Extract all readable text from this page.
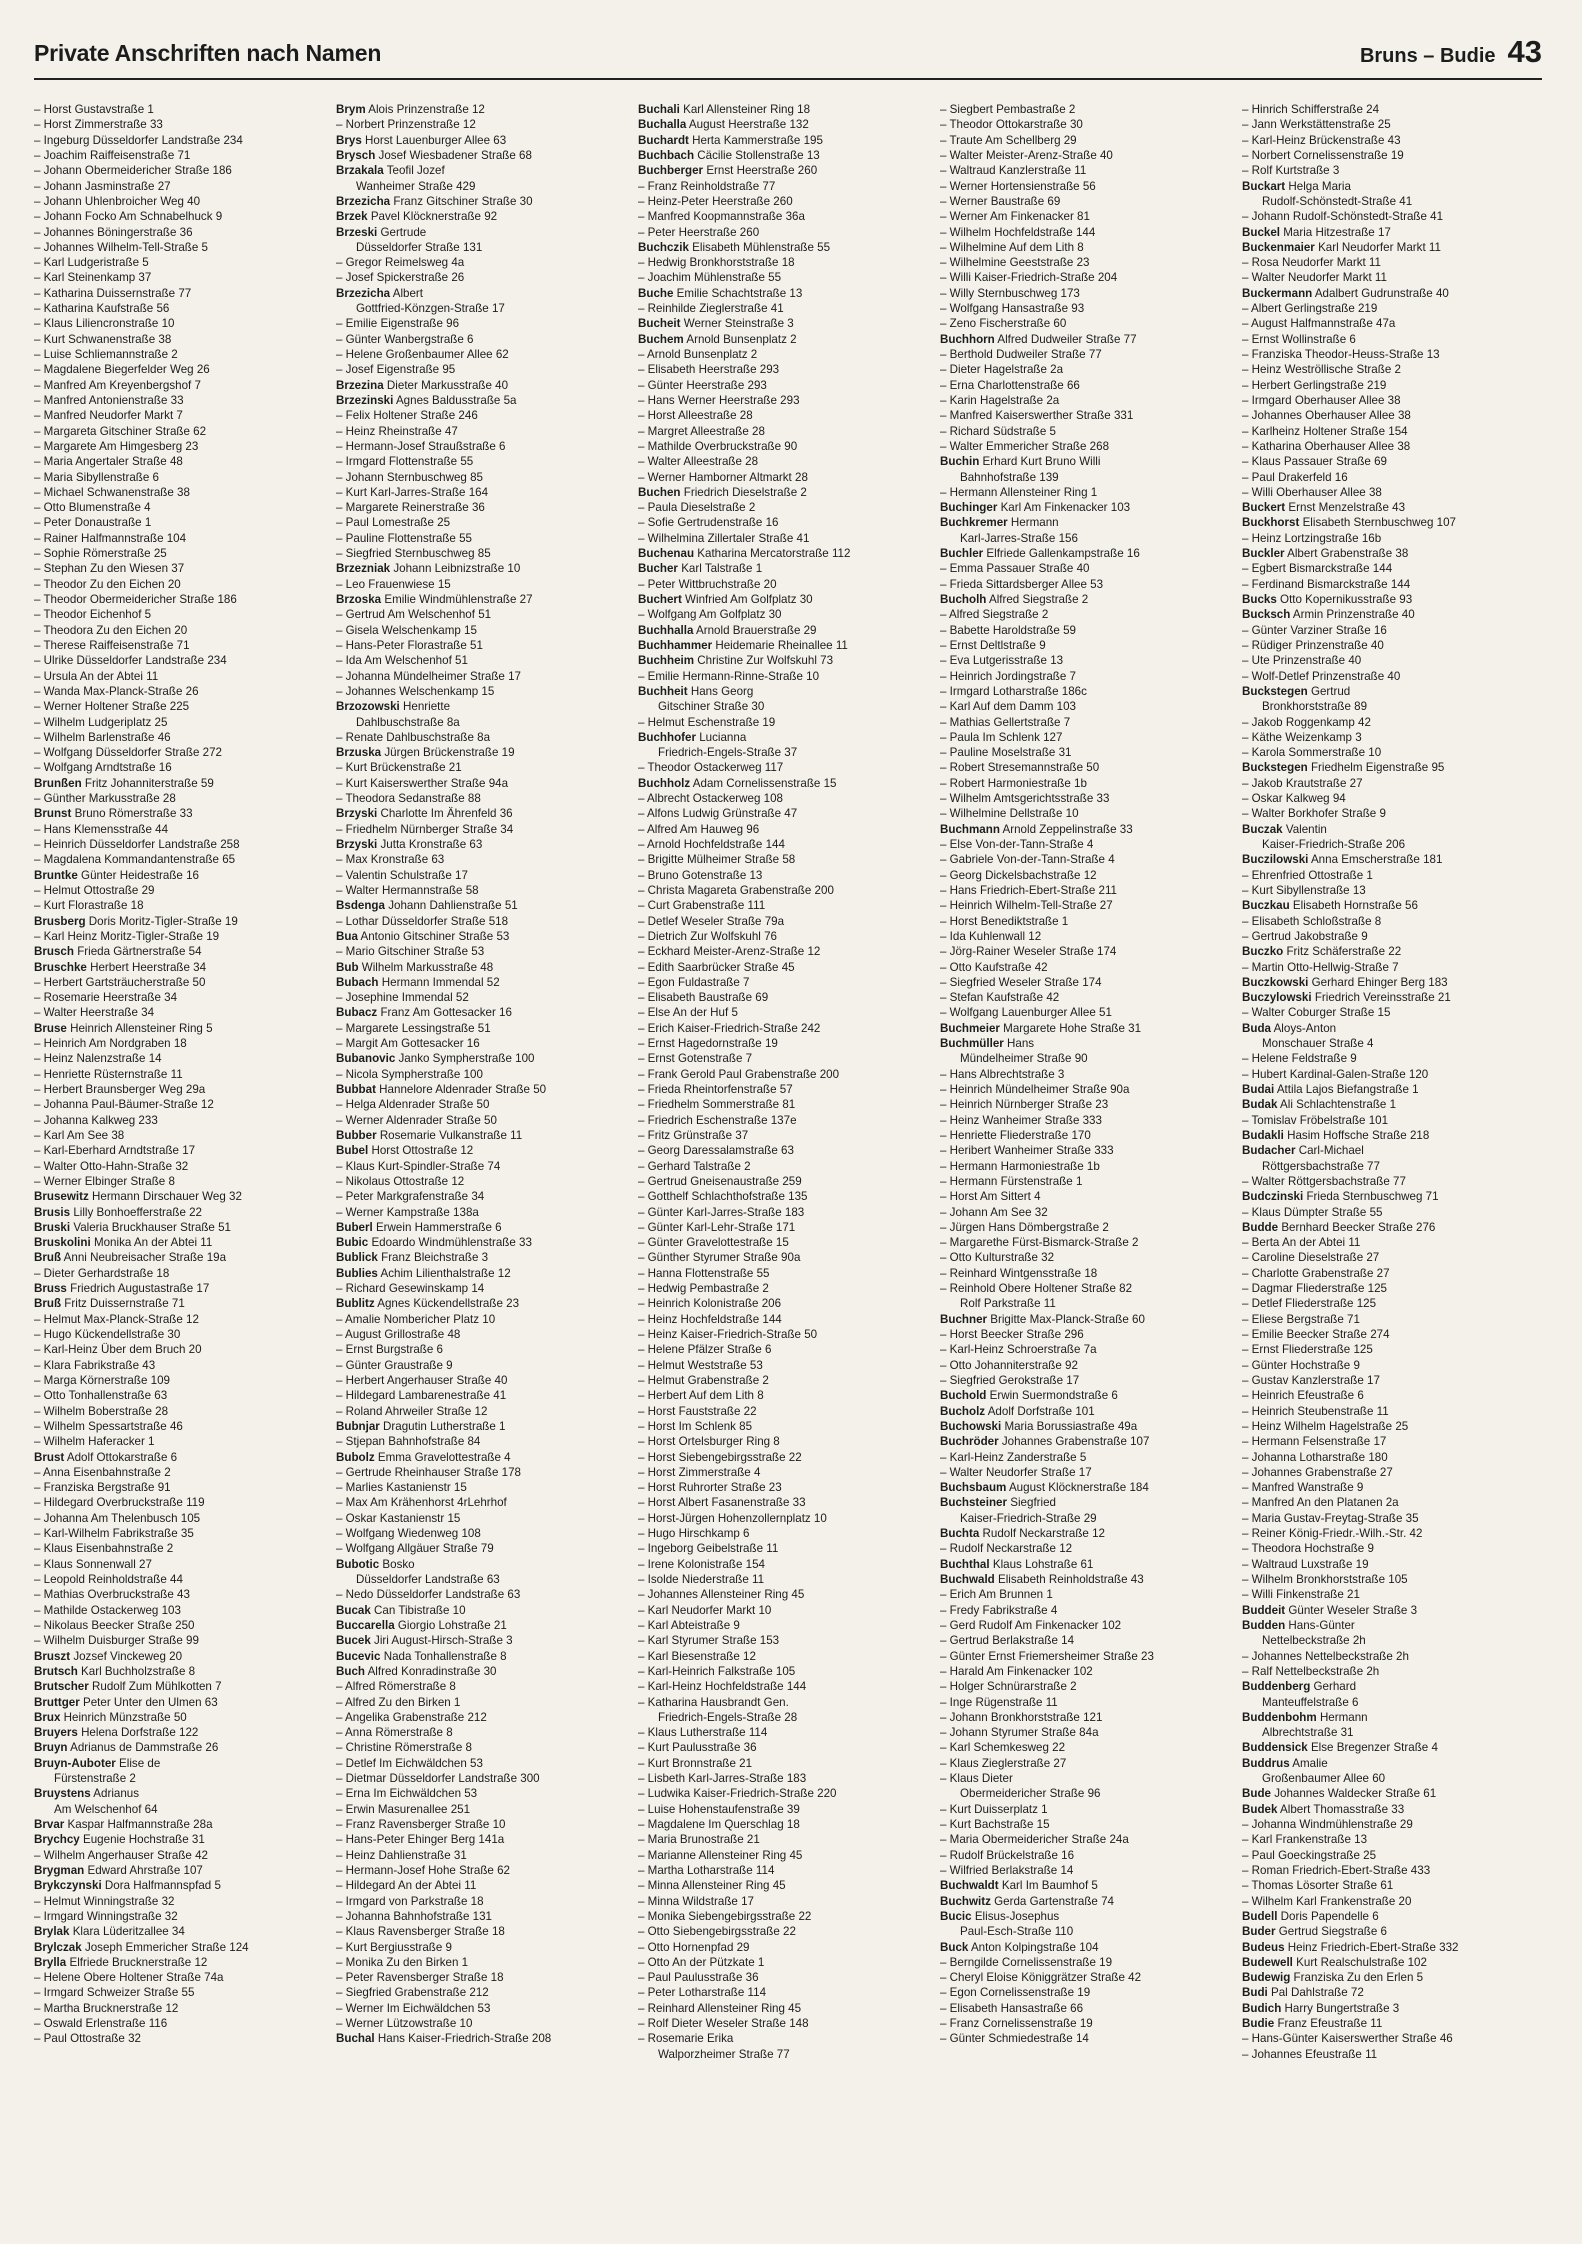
Private Anschriften nach Namen	Bruns – Budie 43
– Horst Gustavstraße 1
– Horst Zimmerstraße 33
– Ingeburg Düsseldorfer Landstraße 234
– Joachim Raiffeisenstraße 71
– Johann Obermeidericher Straße 186
– Johann Jasminstraße 27
– Johann Uhlenbroicher Weg 40
– Johann Focko Am Schnabelhuck 9
– Johannes Böningerstraße 36
– Johannes Wilhelm-Tell-Straße 5
– Karl Ludgeristraße 5
– Karl Steinenkamp 37
– Katharina Duissernstraße 77
– Katharina Kaufstraße 56
– Klaus Liliencronstraße 10
– Kurt Schwanenstraße 38
– Luise Schliemannstraße 2
– Magdalene Biegerfelder Weg 26
– Manfred Am Kreyenbergshof 7
– Manfred Antonienstraße 33
– Manfred Neudorfer Markt 7
– Margareta Gitschiner Straße 62
– Margarete Am Himgesberg 23
– Maria Angertaler Straße 48
– Maria Sibyllenstraße 6
– Michael Schwanenstraße 38
– Otto Blumenstraße 4
– Peter Donaustraße 1
– Rainer Halfmannstraße 104
– Sophie Römerstraße 25
– Stephan Zu den Wiesen 37
– Theodor Zu den Eichen 20
– Theodor Obermeidericher Straße 186
– Theodor Eichenhof 5
– Theodora Zu den Eichen 20
– Therese Raiffeisenstraße 71
– Ulrike Düsseldorfer Landstraße 234
– Ursula An der Abtei 11
– Wanda Max-Planck-Straße 26
– Werner Holtener Straße 225
– Wilhelm Ludgeriplatz 25
– Wilhelm Barlenstraße 46
– Wolfgang Düsseldorfer Straße 272
– Wolfgang Arndtstraße 16
Brunßen Fritz Johanniterstraße 59
– Günther Markusstraße 28
Brunst Bruno Römerstraße 33
– Hans Klemensstraße 44
– Heinrich Düsseldorfer Landstraße 258
– Magdalena Kommandantenstraße 65
Bruntke Günter Heidestraße 16
– Helmut Ottostraße 29
– Kurt Florastraße 18
Brusberg Doris Moritz-Tigler-Straße 19
– Karl Heinz Moritz-Tigler-Straße 19
Brusch Frieda Gärtnerstraße 54
Bruschke Herbert Heerstraße 34
– Herbert Gartsträucherstraße 50
– Rosemarie Heerstraße 34
– Walter Heerstraße 34
Bruse Heinrich Allensteiner Ring 5
– Heinrich Am Nordgraben 18
– Heinz Nalenzstraße 14
– Henriette Rüsternstraße 11
– Herbert Braunsberger Weg 29a
– Johanna Paul-Bäumer-Straße 12
– Johanna Kalkweg 233
– Karl Am See 38
– Karl-Eberhard Arndtstraße 17
– Walter Otto-Hahn-Straße 32
– Werner Elbinger Straße 8
Brusewitz Hermann Dirschauer Weg 32
Brusis Lilly Bonhoefferstraße 22
Bruski Valeria Bruckhauser Straße 51
Bruskolini Monika An der Abtei 11
Bruß Anni Neubreisacher Straße 19a
– Dieter Gerhardstraße 18
Bruss Friedrich Augustastraße 17
Bruß Fritz Duissernstraße 71
– Helmut Max-Planck-Straße 12
– Hugo Kückendellstraße 30
– Karl-Heinz Über dem Bruch 20
– Klara Fabrikstraße 43
– Marga Körnerstraße 109
– Otto Tonhallenstraße 63
– Wilhelm Boberstraße 28
– Wilhelm Spessartstraße 46
– Wilhelm Haferacker 1
Brust Adolf Ottokarstraße 6
– Anna Eisenbahnstraße 2
– Franziska Bergstraße 91
– Hildegard Overbruckstraße 119
– Johanna Am Thelenbusch 105
– Karl-Wilhelm Fabrikstraße 35
– Klaus Eisenbahnstraße 2
– Klaus Sonnenwall 27
– Leopold Reinholdstraße 44
– Mathias Overbruckstraße 43
– Mathilde Ostackerweg 103
– Nikolaus Beecker Straße 250
– Wilhelm Duisburger Straße 99
Bruszt Jozsef Vinckeweg 20
Brutsch Karl Buchholzstraße 8
Brutscher Rudolf Zum Mühlkotten 7
Bruttger Peter Unter den Ulmen 63
Brux Heinrich Münzstraße 50
Bruyers Helena Dorfstraße 122
Bruyn Adrianus de Dammstraße 26
Bruyn-Auboter Elise de
Fürstenstraße 2
Bruystens Adrianus
Am Welschenhof 64
Brvar Kaspar Halfmannstraße 28a
Brychcy Eugenie Hochstraße 31
– Wilhelm Angerhauser Straße 42
Brygman Edward Ahrstraße 107
Brykczynski Dora Halfmannspfad 5
– Helmut Winningstraße 32
– Irmgard Winningstraße 32
Brylak Klara Lüderitzallee 34
Brylczak Joseph Emmericher Straße 124
Brylla Elfriede Brucknerstraße 12
– Helene Obere Holtener Straße 74a
– Irmgard Schweizer Straße 55
– Martha Brucknerstraße 12
– Oswald Erlenstraße 116
– Paul Ottostraße 32
Brym Alois Prinzenstraße 12
– Norbert Prinzenstraße 12
Brys Horst Lauenburger Allee 63
Brysch Josef Wiesbadener Straße 68
Brzakala Teofil Jozef
Wanheimer Straße 429
Brzezicha Franz Gitschiner Straße 30
Brzek Pavel Klöcknerstraße 92
Brzeski Gertrude
Düsseldorfer Straße 131
– Gregor Reimelsweg 4a
– Josef Spickerstraße 26
Brzezicha Albert
Gottfried-Könzgen-Straße 17
– Emilie Eigenstraße 96
– Günter Wanbergstraße 6
– Helene Großenbaumer Allee 62
– Josef Eigenstraße 95
Brzezina Dieter Markusstraße 40
Brzezinski Agnes Baldusstraße 5a
– Felix Holtener Straße 246
– Heinz Rheinstraße 47
– Hermann-Josef Straußstraße 6
– Irmgard Flottenstraße 55
– Johann Sternbuschweg 85
– Kurt Karl-Jarres-Straße 164
– Margarete Reinerstraße 36
– Paul Lomestraße 25
– Pauline Flottenstraße 55
– Siegfried Sternbuschweg 85
Brzezniak Johann Leibnizstraße 10
– Leo Frauenwiese 15
Brzoska Emilie Windmühlenstraße 27
– Gertrud Am Welschenhof 51
– Gisela Welschenkamp 15
– Hans-Peter Florastraße 51
– Ida Am Welschenhof 51
– Johanna Mündelheimer Straße 17
– Johannes Welschenkamp 15
Brzozowski Henriette
Dahlbuschstraße 8a
– Renate Dahlbuschstraße 8a
Brzuska Jürgen Brückenstraße 19
– Kurt Brückenstraße 21
– Kurt Kaiserswerther Straße 94a
– Theodora Sedanstraße 88
Brzyski Charlotte Im Ährenfeld 36
– Friedhelm Nürnberger Straße 34
Brzyski Jutta Kronstraße 63
– Max Kronstraße 63
– Valentin Schulstraße 17
– Walter Hermannstraße 58
Bsdenga Johann Dahlienstraße 51
– Lothar Düsseldorfer Straße 518
Bua Antonio Gitschiner Straße 53
– Mario Gitschiner Straße 53
Bub Wilhelm Markusstraße 48
Bubach Hermann Immendal 52
– Josephine Immendal 52
Bubacz Franz Am Gottesacker 16
– Margarete Lessingstraße 51
– Margit Am Gottesacker 16
Bubanovic Janko Sympherstraße 100
– Nicola Sympherstraße 100
Bubbat Hannelore Aldenrader Straße 50
– Helga Aldenrader Straße 50
– Werner Aldenrader Straße 50
Bubber Rosemarie Vulkanstraße 11
Bubel Horst Ottostraße 12
– Klaus Kurt-Spindler-Straße 74
– Nikolaus Ottostraße 12
– Peter Markgrafenstraße 34
– Werner Kampstraße 138a
Buberl Erwein Hammerstraße 6
Bubic Edoardo Windmühlenstraße 33
Bublick Franz Bleichstraße 3
Bublies Achim Lilienthalstraße 12
– Richard Gesewinskamp 14
Bublitz Agnes Kückendellstraße 23
– Amalie Nombericher Platz 10
– August Grillostraße 48
– Ernst Burgstraße 6
– Günter Graustraße 9
– Herbert Angerhauser Straße 40
– Hildegard Lambarenestraße 41
– Roland Ahrweiler Straße 12
Bubnjar Dragutin Lutherstraße 1
– Stjepan Bahnhofstraße 84
Bubolz Emma Gravelottestraße 4
– Gertrude Rheinhauser Straße 178
– Marlies Kastanienstr 15
– Max Am Krähenhorst 4rLehrhof
– Oskar Kastanienstr 15
– Wolfgang Wiedenweg 108
– Wolfgang Allgäuer Straße 79
Bubotic Bosko
Düsseldorfer Landstraße 63
– Nedo Düsseldorfer Landstraße 63
Bucak Can Tibistraße 10
Buccarella Giorgio Lohstraße 21
Bucek Jiri August-Hirsch-Straße 3
Bucevic Nada Tonhallenstraße 8
Buch Alfred Konradinstraße 30
– Alfred Römerstraße 8
– Alfred Zu den Birken 1
– Angelika Grabenstraße 212
– Anna Römerstraße 8
– Christine Römerstraße 8
– Detlef Im Eichwäldchen 53
– Dietmar Düsseldorfer Landstraße 300
– Erna Im Eichwäldchen 53
– Erwin Masurenallee 251
– Franz Ravensberger Straße 10
– Hans-Peter Ehinger Berg 141a
– Heinz Dahlienstraße 31
– Hermann-Josef Hohe Straße 62
– Hildegard An der Abtei 11
– Irmgard von Parkstraße 18
– Johanna Bahnhofstraße 131
– Klaus Ravensberger Straße 18
– Kurt Bergiusstraße 9
– Monika Zu den Birken 1
– Peter Ravensberger Straße 18
– Siegfried Grabenstraße 212
– Werner Im Eichwäldchen 53
– Werner Lützowstraße 10
Buchal Hans Kaiser-Friedrich-Straße 208
Buchali Karl Allensteiner Ring 18
Buchalla August Heerstraße 132
Buchardt Herta Kammerstraße 195
Buchbach Cäcilie Stollenstraße 13
Buchberger Ernst Heerstraße 260
– Franz Reinholdstraße 77
– Heinz-Peter Heerstraße 260
– Manfred Koopmannstraße 36a
– Peter Heerstraße 260
Buchczik Elisabeth Mühlenstraße 55
– Hedwig Bronkhorststraße 18
– Joachim Mühlenstraße 55
Buche Emilie Schachtstraße 13
– Reinhilde Zieglerstraße 41
Bucheit Werner Steinstraße 3
Buchem Arnold Bunsenplatz 2
– Arnold Bunsenplatz 2
– Elisabeth Heerstraße 293
– Günter Heerstraße 293
– Hans Werner Heerstraße 293
– Horst Alleestraße 28
– Margret Alleestraße 28
– Mathilde Overbruckstraße 90
– Walter Alleestraße 28
– Werner Hamborner Altmarkt 28
Buchen Friedrich Dieselstraße 2
– Paula Dieselstraße 2
– Sofie Gertrudenstraße 16
– Wilhelmina Zillertaler Straße 41
Buchenau Katharina Mercatorstraße 112
Bucher Karl Talstraße 1
– Peter Wittbruchstraße 20
Buchert Winfried Am Golfplatz 30
– Wolfgang Am Golfplatz 30
Buchhalla Arnold Brauerstraße 29
Buchhammer Heidemarie Rheinallee 11
Buchheim Christine Zur Wolfskuhl 73
– Emilie Hermann-Rinne-Straße 10
Buchheit Hans Georg
Gitschiner Straße 30
– Helmut Eschenstraße 19
Buchhofer Lucianna
Friedrich-Engels-Straße 37
– Theodor Ostackerweg 117
Buchholz Adam Cornelissenstraße 15
– Albrecht Ostackerweg 108
– Alfons Ludwig Grünstraße 47
– Alfred Am Hauweg 96
– Arnold Hochfeldstraße 144
– Brigitte Mülheimer Straße 58
– Bruno Gotenstraße 13
– Christa Magareta Grabenstraße 200
– Curt Grabenstraße 111
– Detlef Weseler Straße 79a
– Dietrich Zur Wolfskuhl 76
– Eckhard Meister-Arenz-Straße 12
– Edith Saarbrücker Straße 45
– Egon Fuldastraße 7
– Elisabeth Baustraße 69
– Else An der Huf 5
– Erich Kaiser-Friedrich-Straße 242
– Ernst Hagedornstraße 19
– Ernst Gotenstraße 7
– Frank Gerold Paul Grabenstraße 200
– Frieda Rheintorfenstraße 57
– Friedhelm Sommerstraße 81
– Friedrich Eschenstraße 137e
– Fritz Grünstraße 37
– Georg Daressalamstraße 63
– Gerhard Talstraße 2
– Gertrud Gneisenaustraße 259
– Gotthelf Schlachthofstraße 135
– Günter Karl-Jarres-Straße 183
– Günter Karl-Lehr-Straße 171
– Günter Gravelottestraße 15
– Günther Styrumer Straße 90a
– Hanna Flottenstraße 55
– Hedwig Pembastraße 2
– Heinrich Kolonistraße 206
– Heinz Hochfeldstraße 144
– Heinz Kaiser-Friedrich-Straße 50
– Helene Pfälzer Straße 6
– Helmut Weststraße 53
– Helmut Grabenstraße 2
– Herbert Auf dem Lith 8
– Horst Fauststraße 22
– Horst Im Schlenk 85
– Horst Ortelsburger Ring 8
– Horst Siebengebirgsstraße 22
– Horst Zimmerstraße 4
– Horst Ruhrorter Straße 23
– Horst Albert Fasanenstraße 33
– Horst-Jürgen Hohenzollernplatz 10
– Hugo Hirschkamp 6
– Ingeborg Geibelstraße 11
– Irene Kolonistraße 154
– Isolde Niederstraße 11
– Johannes Allensteiner Ring 45
– Karl Neudorfer Markt 10
– Karl Abteistraße 9
– Karl Styrumer Straße 153
– Karl Biesenstraße 12
– Karl-Heinrich Falkstraße 105
– Karl-Heinz Hochfeldstraße 144
– Katharina Hausbrandt Gen.
Friedrich-Engels-Straße 28
– Klaus Lutherstraße 114
– Kurt Paulusstraße 36
– Kurt Bronnstraße 21
– Lisbeth Karl-Jarres-Straße 183
– Ludwika Kaiser-Friedrich-Straße 220
– Luise Hohenstaufenstraße 39
– Magdalene Im Querschlag 18
– Maria Brunostraße 21
– Marianne Allensteiner Ring 45
– Martha Lotharstraße 114
– Minna Allensteiner Ring 45
– Minna Wildstraße 17
– Monika Siebengebirgsstraße 22
– Otto Siebengebirgsstraße 22
– Otto Hornenpfad 29
– Otto An der Pützkate 1
– Paul Paulusstraße 36
– Peter Lotharstraße 114
– Reinhard Allensteiner Ring 45
– Rolf Dieter Weseler Straße 148
– Rosemarie Erika
Walporzheimer Straße 77
– Siegbert Pembastraße 2
– Theodor Ottokarstraße 30
– Traute Am Schellberg 29
– Walter Meister-Arenz-Straße 40
– Waltraud Kanzlerstraße 11
– Werner Hortensienstraße 56
– Werner Baustraße 69
– Werner Am Finkenacker 81
– Wilhelm Hochfeldstraße 144
– Wilhelmine Auf dem Lith 8
– Wilhelmine Geeststraße 23
– Willi Kaiser-Friedrich-Straße 204
– Willy Sternbuschweg 173
– Wolfgang Hansastraße 93
– Zeno Fischerstraße 60
Buchhorn Alfred Dudweiler Straße 77
– Berthold Dudweiler Straße 77
– Dieter Hagelstraße 2a
– Erna Charlottenstraße 66
– Karin Hagelstraße 2a
– Manfred Kaiserswerther Straße 331
– Richard Südstraße 5
– Walter Emmericher Straße 268
Buchin Erhard Kurt Bruno Willi
Bahnhofstraße 139
– Hermann Allensteiner Ring 1
Buchinger Karl Am Finkenacker 103
Buchkremer Hermann
Karl-Jarres-Straße 156
Buchler Elfriede Gallenkampstraße 16
– Emma Passauer Straße 40
– Frieda Sittardsberger Allee 53
Bucholh Alfred Siegstraße 2
– Alfred Siegstraße 2
– Babette Haroldstraße 59
– Ernst Deltlstraße 9
– Eva Lutgerisstraße 13
– Heinrich Jordingstraße 7
– Irmgard Lotharstraße 186c
– Karl Auf dem Damm 103
– Mathias Gellertstraße 7
– Paula Im Schlenk 127
– Pauline Moselstraße 31
– Robert Stresemannstraße 50
– Robert Harmoniestraße 1b
– Wilhelm Amtsgerichtsstraße 33
– Wilhelmine Dellstraße 10
Buchmann Arnold Zeppelinstraße 33
– Else Von-der-Tann-Straße 4
– Gabriele Von-der-Tann-Straße 4
– Georg Dickelsbachstraße 12
– Hans Friedrich-Ebert-Straße 211
– Heinrich Wilhelm-Tell-Straße 27
– Horst Benediktstraße 1
– Ida Kuhlenwall 12
– Jörg-Rainer Weseler Straße 174
– Otto Kaufstraße 42
– Siegfried Weseler Straße 174
– Stefan Kaufstraße 42
– Wolfgang Lauenburger Allee 51
Buchmeier Margarete Hohe Straße 31
Buchmüller Hans
Mündelheimer Straße 90
– Hans Albrechtstraße 3
– Heinrich Mündelheimer Straße 90a
– Heinrich Nürnberger Straße 23
– Heinz Wanheimer Straße 333
– Henriette Fliederstraße 170
– Heribert Wanheimer Straße 333
– Hermann Harmoniestraße 1b
– Hermann Fürstenstraße 1
– Horst Am Sittert 4
– Johann Am See 32
– Jürgen Hans Dömbergstraße 2
– Margarethe Fürst-Bismarck-Straße 2
– Otto Kulturstraße 32
– Reinhard Wintgensstraße 18
– Reinhold Obere Holtener Straße 82
Rolf Parkstraße 11
Buchner Brigitte Max-Planck-Straße 60
– Horst Beecker Straße 296
– Karl-Heinz Schroerstraße 7a
– Otto Johanniterstraße 92
– Siegfried Gerokstraße 17
Buchold Erwin Suermondstraße 6
Bucholz Adolf Dorfstraße 101
Buchowski Maria Borussiastraße 49a
Buchröder Johannes Grabenstraße 107
– Karl-Heinz Zanderstraße 5
– Walter Neudorfer Straße 17
Buchsbaum August Klöcknerstraße 184
Buchsteiner Siegfried
Kaiser-Friedrich-Straße 29
Buchta Rudolf Neckarstraße 12
– Rudolf Neckarstraße 12
Buchthal Klaus Lohstraße 61
Buchwald Elisabeth Reinholdstraße 43
– Erich Am Brunnen 1
– Fredy Fabrikstraße 4
– Gerd Rudolf Am Finkenacker 102
– Gertrud Berlakstraße 14
– Günter Ernst Friemersheimer Straße 23
– Harald Am Finkenacker 102
– Holger Schnürarstraße 2
– Inge Rügenstraße 11
– Johann Bronkhorststraße 121
– Johann Styrumer Straße 84a
– Karl Schemkesweg 22
– Klaus Zieglerstraße 27
– Klaus Dieter
Obermeidericher Straße 96
– Kurt Duisserplatz 1
– Kurt Bachstraße 15
– Maria Obermeidericher Straße 24a
– Rudolf Brückelstraße 16
– Wilfried Berlakstraße 14
Buchwaldt Karl Im Baumhof 5
Buchwitz Gerda Gartenstraße 74
Bucic Elisus-Josephus
Paul-Esch-Straße 110
Buck Anton Kolpingstraße 104
– Berngilde Cornelissenstraße 19
– Cheryl Eloise Königgrätzer Straße 42
– Egon Cornelissenstraße 19
– Elisabeth Hansastraße 66
– Franz Cornelissenstraße 19
– Günter Schmiedestraße 14
– Hinrich Schifferstraße 24
– Jann Werkstättenstraße 25
– Karl-Heinz Brückenstraße 43
– Norbert Cornelissenstraße 19
– Rolf Kurtstraße 3
Buckart Helga Maria
Rudolf-Schönstedt-Straße 41
– Johann Rudolf-Schönstedt-Straße 41
Buckel Maria Hitzestraße 17
Buckenmaier Karl Neudorfer Markt 11
– Rosa Neudorfer Markt 11
– Walter Neudorfer Markt 11
Buckermann Adalbert Gudrunstraße 40
– Albert Gerlingstraße 219
– August Halfmannstraße 47a
– Ernst Wollinstraße 6
– Franziska Theodor-Heuss-Straße 13
– Heinz Weströllische Straße 2
– Herbert Gerlingstraße 219
– Irmgard Oberhauser Allee 38
– Johannes Oberhauser Allee 38
– Karlheinz Holtener Straße 154
– Katharina Oberhauser Allee 38
– Klaus Passauer Straße 69
– Paul Drakerfeld 16
– Willi Oberhauser Allee 38
Buckert Ernst Menzelstraße 43
Buckhorst Elisabeth Sternbuschweg 107
– Heinz Lortzingstraße 16b
Buckler Albert Grabenstraße 38
– Egbert Bismarckstraße 144
– Ferdinand Bismarckstraße 144
Bucks Otto Kopernikusstraße 93
Bucksch Armin Prinzenstraße 40
– Günter Varziner Straße 16
– Rüdiger Prinzenstraße 40
– Ute Prinzenstraße 40
– Wolf-Detlef Prinzenstraße 40
Buckstegen Gertrud
Bronkhorststraße 89
– Jakob Roggenkamp 42
– Käthe Weizenkamp 3
– Karola Sommerstraße 10
Buckstegen Friedhelm Eigenstraße 95
– Jakob Krautstraße 27
– Oskar Kalkweg 94
– Walter Borkhofer Straße 9
Buczak Valentin
Kaiser-Friedrich-Straße 206
Buczilowski Anna Emscherstraße 181
– Ehrenfried Ottostraße 1
– Kurt Sibyllenstraße 13
Buczkau Elisabeth Hornstraße 56
– Elisabeth Schloßstraße 8
– Gertrud Jakobstraße 9
Buczko Fritz Schäferstraße 22
– Martin Otto-Hellwig-Straße 7
Buczkowski Gerhard Ehinger Berg 183
Buczylowski Friedrich Vereinsstraße 21
– Walter Coburger Straße 15
Buda Aloys-Anton
Monschauer Straße 4
– Helene Feldstraße 9
– Hubert Kardinal-Galen-Straße 120
Budai Attila Lajos Biefangstraße 1
Budak Ali Schlachtenstraße 1
– Tomislav Fröbelstraße 101
Budakli Hasim Hoffsche Straße 218
Budacher Carl-Michael
Röttgersbachstraße 77
– Walter Röttgersbachstraße 77
Budczinski Frieda Sternbuschweg 71
– Klaus Dümpter Straße 55
Budde Bernhard Beecker Straße 276
– Berta An der Abtei 11
– Caroline Dieselstraße 27
– Charlotte Grabenstraße 27
– Dagmar Fliederstraße 125
– Detlef Fliederstraße 125
– Eliese Bergstraße 71
– Emilie Beecker Straße 274
– Ernst Fliederstraße 125
– Günter Hochstraße 9
– Gustav Kanzlerstraße 17
– Heinrich Efeustraße 6
– Heinrich Steubenstraße 11
– Heinz Wilhelm Hagelstraße 25
– Hermann Felsenstraße 17
– Johanna Lotharstraße 180
– Johannes Grabenstraße 27
– Manfred Wanstraße 9
– Manfred An den Platanen 2a
– Maria Gustav-Freytag-Straße 35
– Reiner König-Friedr.-Wilh.-Str. 42
– Theodora Hochstraße 9
– Waltraud Luxstraße 19
– Wilhelm Bronkhorststraße 105
– Willi Finkenstraße 21
Buddeit Günter Weseler Straße 3
Budden Hans-Günter
Nettelbeckstraße 2h
– Johannes Nettelbeckstraße 2h
– Ralf Nettelbeckstraße 2h
Buddenberg Gerhard
Manteuffelstraße 6
Buddenbohm Hermann
Albrechtstraße 31
Buddensick Else Bregenzer Straße 4
Buddrus Amalie
Großenbaumer Allee 60
Bude Johannes Waldecker Straße 61
Budek Albert Thomasstraße 33
– Johanna Windmühlenstraße 29
– Karl Frankenstraße 13
– Paul Goeckingstraße 25
– Roman Friedrich-Ebert-Straße 433
– Thomas Lösorter Straße 61
– Wilhelm Karl Frankenstraße 20
Budell Doris Papendelle 6
Buder Gertrud Siegstraße 6
Budeus Heinz Friedrich-Ebert-Straße 332
Budewell Kurt Realschulstraße 102
Budewig Franziska Zu den Erlen 5
Budi Pal Dahlstraße 72
Budich Harry Bungertstraße 3
Budie Franz Efeustraße 11
– Hans-Günter Kaiserswerther Straße 46
– Johannes Efeustraße 11
